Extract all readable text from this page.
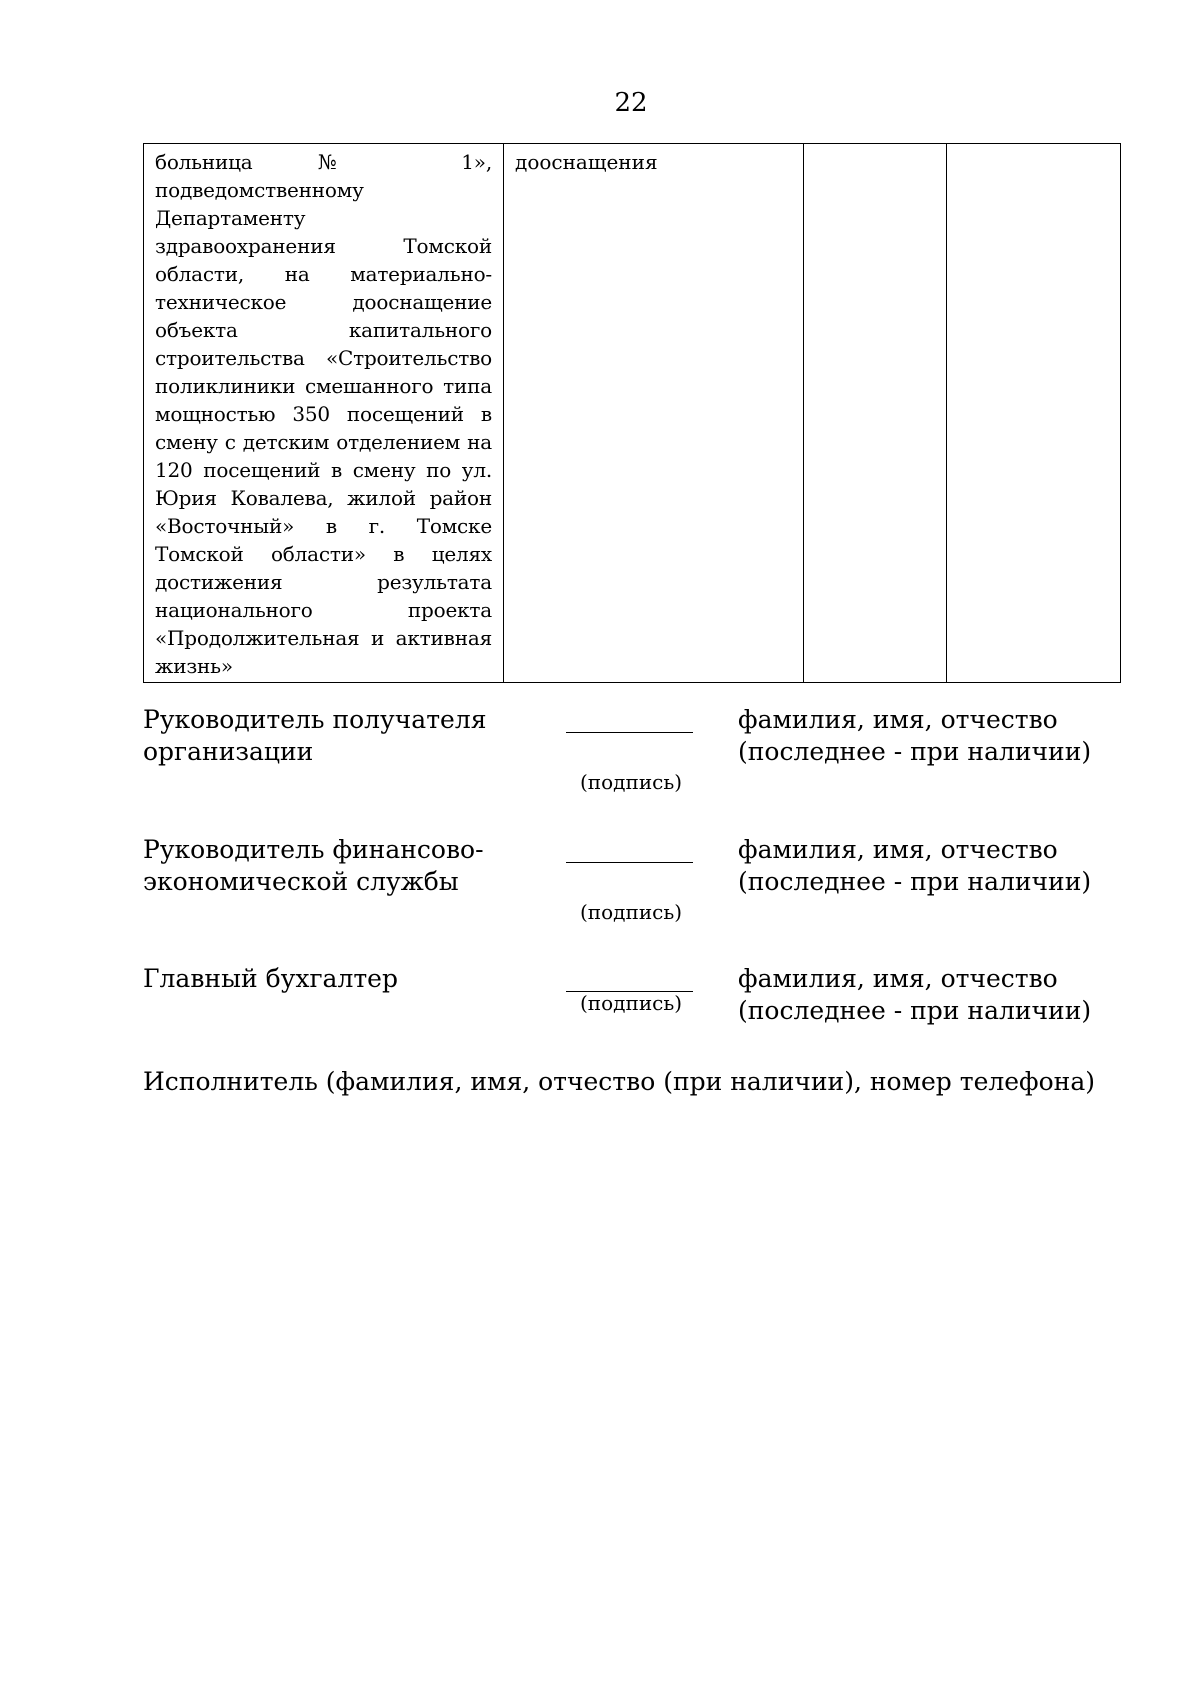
22
больница № 1», подведомственному Департаменту здравоохранения Томской области, на материально-техническое дооснащение объекта капитального строительства «Строительство поликлиники смешанного типа мощностью 350 посещений в смену с детским отделением на 120 посещений в смену по ул. Юрия Ковалева, жилой район «Восточный» в г. Томске Томской области» в целях достижения результата национального проекта «Продолжительная и активная жизнь»	дооснащения		
Руководитель получателя организации
(подпись)
фамилия, имя, отчество (последнее - при наличии)
Руководитель финансово-экономической службы
(подпись)
фамилия, имя, отчество (последнее - при наличии)
Главный бухгалтер
(подпись)
фамилия, имя, отчество (последнее - при наличии)
Исполнитель (фамилия, имя, отчество (при наличии), номер телефона)
